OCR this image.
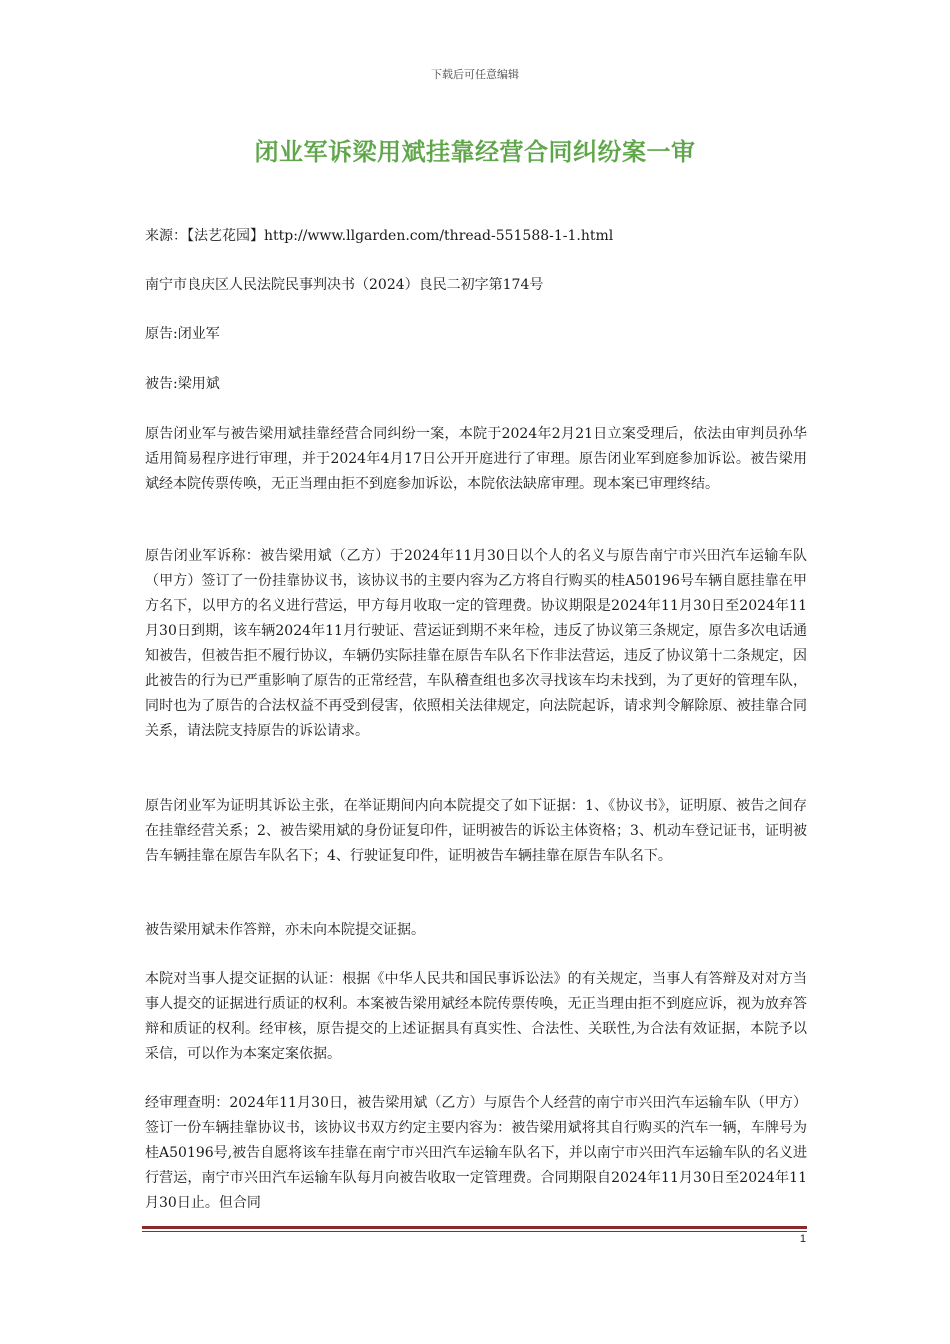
下载后可任意编辑
闭业军诉梁用斌挂靠经营合同纠纷案一审

来源：【法艺花园】http://www.llgarden.com/thread-551588-1-1.html

南宁市良庆区人民法院民事判决书（2024）良民二初字第174号

原告:闭业军

被告:梁用斌

原告闭业军与被告梁用斌挂靠经营合同纠纷一案，本院于2024年2月21日立案受理后，依法由审判员孙华适用简易程序进行审理，并于2024年4月17日公开开庭进行了审理。原告闭业军到庭参加诉讼。被告梁用斌经本院传票传唤，无正当理由拒不到庭参加诉讼，本院依法缺席审理。现本案已审理终结。

原告闭业军诉称：被告梁用斌（乙方）于2024年11月30日以个人的名义与原告南宁市兴田汽车运输车队（甲方）签订了一份挂靠协议书，该协议书的主要内容为乙方将自行购买的桂A50196号车辆自愿挂靠在甲方名下，以甲方的名义进行营运，甲方每月收取一定的管理费。协议期限是2024年11月30日至2024年11月30日到期，该车辆2024年11月行驶证、营运证到期不来年检，违反了协议第三条规定，原告多次电话通知被告，但被告拒不履行协议，车辆仍实际挂靠在原告车队名下作非法营运，违反了协议第十二条规定，因此被告的行为已严重影响了原告的正常经营，车队稽查组也多次寻找该车均未找到，为了更好的管理车队，同时也为了原告的合法权益不再受到侵害，依照相关法律规定，向法院起诉，请求判令解除原、被挂靠合同关系，请法院支持原告的诉讼请求。

原告闭业军为证明其诉讼主张，在举证期间内向本院提交了如下证据：1、《协议书》，证明原、被告之间存在挂靠经营关系；2、被告梁用斌的身份证复印件，证明被告的诉讼主体资格；3、机动车登记证书，证明被告车辆挂靠在原告车队名下；4、行驶证复印件，证明被告车辆挂靠在原告车队名下。

被告梁用斌未作答辩，亦未向本院提交证据。

本院对当事人提交证据的认证：根据《中华人民共和国民事诉讼法》的有关规定，当事人有答辩及对对方当事人提交的证据进行质证的权利。本案被告梁用斌经本院传票传唤，无正当理由拒不到庭应诉，视为放弃答辩和质证的权利。经审核，原告提交的上述证据具有真实性、合法性、关联性,为合法有效证据，本院予以采信，可以作为本案定案依据。

经审理查明：2024年11月30日，被告梁用斌（乙方）与原告个人经营的南宁市兴田汽车运输车队（甲方）签订一份车辆挂靠协议书，该协议书双方约定主要内容为：被告梁用斌将其自行购买的汽车一辆，车牌号为桂A50196号,被告自愿将该车挂靠在南宁市兴田汽车运输车队名下，并以南宁市兴田汽车运输车队的名义进行营运，南宁市兴田汽车运输车队每月向被告收取一定管理费。合同期限自2024年11月30日至2024年11月30日止。但合同

1
